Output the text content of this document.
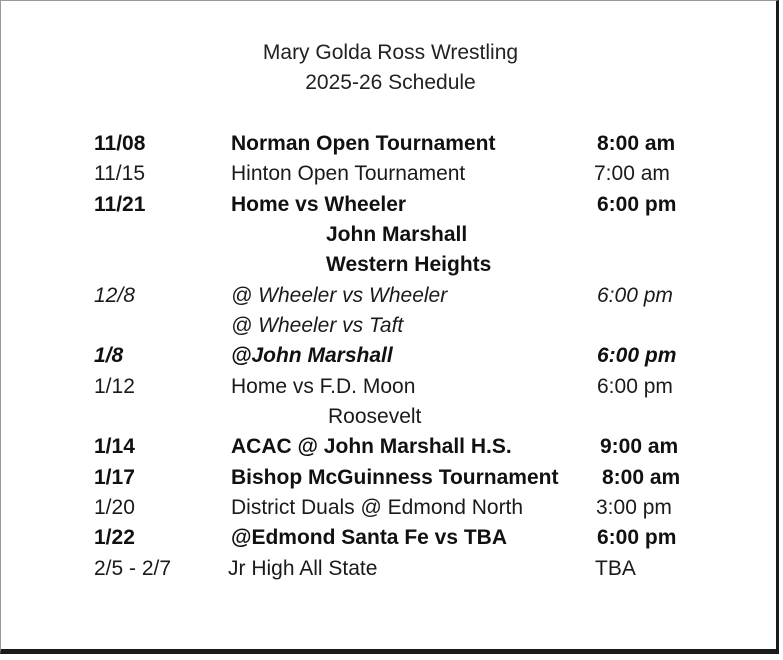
Mary Golda Ross Wrestling
2025-26 Schedule
11/08	Norman Open Tournament	8:00 am
11/15	Hinton Open Tournament	7:00 am
11/21	Home vs Wheeler	6:00 pm
John Marshall
Western Heights
12/8	@ Wheeler vs Wheeler	6:00 pm
@ Wheeler vs Taft
1/8	@John Marshall	6:00 pm
1/12	Home vs F.D. Moon	6:00 pm
Roosevelt
1/14	ACAC @ John Marshall H.S.	9:00 am
1/17	Bishop McGuinness Tournament 8:00 am
1/20	District Duals @ Edmond North	3:00 pm
1/22	@Edmond Santa Fe vs TBA	6:00 pm
2/5 - 2/7	Jr High All State	TBA
